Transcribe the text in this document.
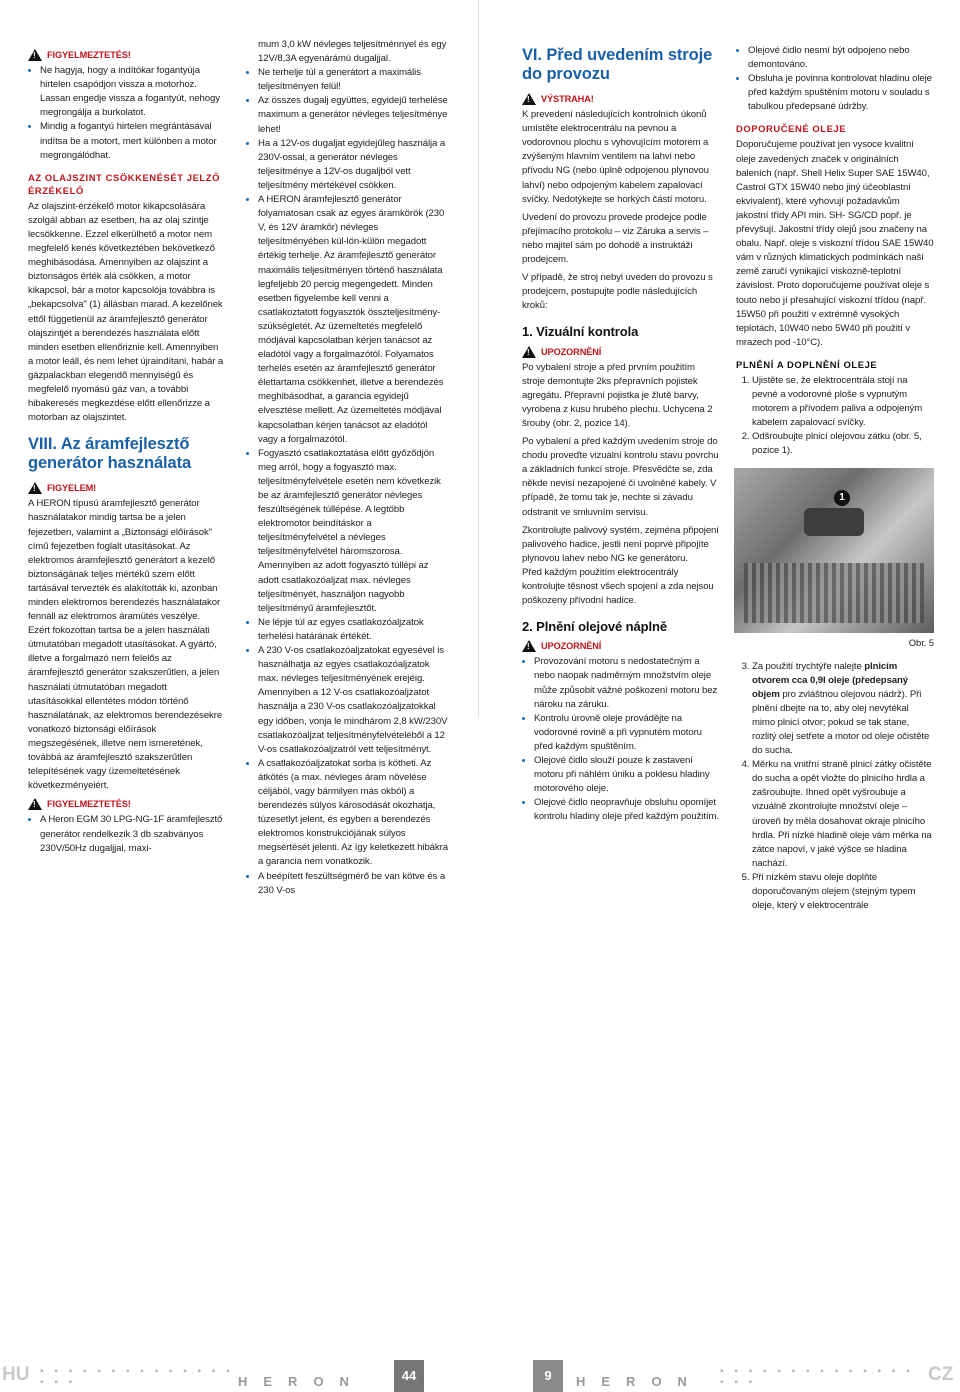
!
FIGYELMEZTETÉS!
• Ne hagyja, hogy a indítókar fogantyúja hirtelen csapódjon vissza a motorhoz. Lassan engedje vissza a fogantyút, nehogy megrongálja a burkolatot.
• Mindig a fogantyú hirtelen megrántásával indítsa be a motort, mert különben a motor megrongálódhat.
AZ OLAJSZINT CSÖKKENÉSÉT JELZŐ ÉRZÉKELŐ

Az olajszint-érzékelő motor kikapcsolására szolgál abban az esetben, ha az olaj szintje lecsökkenne. Ezzel elkerülhető a motor nem megfelelő kenés következtében bekövetkező meghibásodása. Amennyiben az olajszint a biztonságos érték alá csökken, a motor kikapcsol, bár a motor kapcsolója továbbra is „bekapcsolva" (1) állásban marad. A kezelőnek ettől függetlenül az áramfejlesztő generátor olajszintjét a berendezés használata előtt minden esetben ellenőriznie kell. Amennyiben a motor leáll, és nem lehet újraindítani, habár a gázpalackban elegendő mennyiségű és megfelelő nyomású gáz van, a további hibakeresés megkezdése előtt ellenőrizze a motorban az olajszintet.

VIII. Az áramfejlesztő generátor használata
!
FIGYELEM!

A HERON típusú áramfejlesztő generátor használatakor mindig tartsa be a jelen fejezetben, valamint a „Biztonsági előírások" című fejezetben foglalt utasításokat. Az elektromos áramfejlesztő generátort a kezelő biztonságának teljes mértékű szem előtt tartásával tervezték és alakították ki, azonban minden elektromos berendezés használatakor fennáll az elektromos áramütés veszélye. Ezért fokozottan tartsa be a jelen használati útmutatóban megadott utasításokat. A gyártó, illetve a forgalmazó nem felelős az áramfejlesztő generátor szakszerűtlen, a jelen használati útmutatóban megadott utasításokkal ellentétes módon történő használatának, az elektromos berendezésekre vonatkozó biztonsági előírások megszegésének, illetve nem ismeretének, továbbá az áramfejlesztő szakszerűtlen telepítésének vagy üzemeltetésének következményeiért.

!
FIGYELMEZTETÉS!
• A Heron EGM 30 LPG-NG-1F áramfejlesztő generátor rendelkezik 3 db szabványos 230V/50Hz dugaljjal, maxi-
mum 3,0 kW névleges teljesítménnyel és egy 12V/8,3A egyenárámú dugaljjal.
• Ne terhelje túl a generátort a maximális teljesítményen felül!
• Az összes dugalj együttes, egyidejű terhelése maximum a generátor névleges teljesítménye lehet!
• Ha a 12V-os dugaljat egyidejűleg használja a 230V-ossal, a generátor névleges teljesítménye a 12V-os dugaljból vett teljesítmény mértékével csökken.
• A HERON áramfejlesztő generátor folyamatosan csak az egyes áramkörök (230 V, és 12V áramkör) névleges teljesítményében kül-lön-külön megadott értékig terhelje. Az áramfejlesztő generátor maximális teljesítményen történő használata legfeljebb 20 percig megengedett. Minden esetben figyelembe kell venni a csatlakoztatott fogyasztók összteljesítmény-szükségletét. Az üzemeltetés megfelelő módjával kapcsolatban kérjen tanácsot az eladótól vagy a forgalmazótól. Folyamatos terhelés esetén az áramfejlesztő generátor élettartama csökkenhet, illetve a berendezés meghibásodhat, a garancia egyidejű elvesztése mellett. Az üzemeltetés módjával kapcsolatban kérjen tanácsot az eladótól vagy a forgalmazótól.
• Fogyasztó csatlakoztatása előtt győződjön meg arról, hogy a fogyasztó max. teljesítményfelvétele esetén nem következik be az áramfejlesztő generátor névleges feszültségének túllépése. A legtöbb elektromotor beindításkor a teljesítményfelvétel a névleges teljesítményfelvétel háromszorosa. Amennyiben az adott fogyasztó túllépi az adott csatlakozóaljzat max. névleges teljesítményét, használjon nagyobb teljesítményű áramfejlesztőt.
• Ne lépje túl az egyes csatlakozóaljzatok terhelési határának értékét.
• A 230 V-os csatlakozóaljzatokat egyesével is használhatja az egyes csatlakozóaljzatok max. névleges teljesítményének erejéig. Amennyiben a 12 V-os csatlakozóaljzatot használja a 230 V-os csatlakozóaljzatokkal egy időben, vonja le mindhárom 2,8 kW/230V csatlakozóaljzat teljesítményfelvételéből a 12 V-os csatlakozóaljzatról vett teljesítményt.
• A csatlakozóaljzatokat sorba is kötheti. Az átkötés (a max. névleges áram növelése céljából, vagy bármilyen más okból) a berendezés súlyos károsodását okozhatja, túzesetlyt jelent, és egyben a berendezés elektromos konstrukciójának súlyos megsértését jelenti. Az így keletkezett hibákra a garancia nem vonatkozik.
• A beépített feszültségmérő be van kötve és a 230 V-os
VI. Před uvedením stroje do provozu
!
VÝSTRAHA!

K prevedení následujících kontrolních úkonů umístěte elektrocentrálu na pevnou a vodorovnou plochu s vyhovujícím motorem a zvýšeným hlavním ventilem na lahvi nebo přívodu NG (nebo úplně odpojenou plynovou lahví) nebo odpojeným kabelem zapalovací svíčky. Nedotýkejte se horkých částí motoru.

Uvedení do provozu provede prodejce podle přejímacího protokolu – viz Záruka a servis – nebo majitel sám po dohodě a instruktáži prodejcem.

V případě, že stroj nebyl uveden do provozu s prodejcem, postupujte podle následujících kroků:

1. Vizuální kontrola
!
UPOZORNĚNÍ

Po vybalení stroje a před prvním použitím stroje demontujte 2ks přepravních pojistek agregátu. Přepravní pojistka je žlutě barvy, vyrobena z kusu hrubého plechu. Uchycena 2 šrouby (obr. 2, pozice 14).

Po vybalení a před každým uvedením stroje do chodu proveďte vizuální kontrolu stavu povrchu a základních funkcí stroje. Přesvědčte se, zda někde nevisí nezapojené či uvolněné kabely. V případě, že tomu tak je, nechte si závadu odstranit ve smluvním servisu.

Zkontrolujte palivový systém, zejména připojení palivového hadice, jestli není poprvé připojíte plynovou lahev nebo NG ke generátoru.

Před každým použitím elektrocentrály kontrolujte těsnost všech spojení a zda nejsou poškozeny přívodní hadice.

2. Plnění olejové náplně
!
UPOZORNĚNÍ
• Provozování motoru s nedostatečným a nebo naopak nadměrným množstvím oleje může způsobit vážné poškození motoru bez nároku na záruku.
• Kontrolu úrovně oleje provádějte na vodorovné rovině a při vypnutém motoru před každým spuštěním.
• Olejové čidlo slouží pouze k zastavení motoru při náhlém úniku a poklesu hladiny motorového oleje.
• Olejové čidlo neopravňuje obsluhu opomíjet kontrolu hladiny oleje před každým použitím.
• Olejové čidlo nesmí být odpojeno nebo demontováno.
• Obsluha je povinna kontrolovat hladinu oleje před každým spuštěním motoru v souladu s tabulkou předepsané údržby.
DOPORUČENÉ OLEJE

Doporučujeme používat jen vysoce kvalitní oleje zavedených značek v originálních baleních (např. Shell Helix Super SAE 15W40, Castrol GTX 15W40 nebo jiný účeoblastní ekvivalent), které vyhovují požadavkům jakostní třídy API min. SH- SG/CD popř. je převyšují. Jakostní třídy olejů jsou značeny na obalu. Např. oleje s viskozní třídou SAE 15W40 vám v různých klimatických podmínkách naší země zaručí vynikající viskozně-teplotní závislost. Proto doporučujeme používat oleje s touto nebo jí přesahující viskozní třídou (např. 15W50 při použití v extrémně vysokých teplotách, 10W40 nebo 5W40 při použití v mrazech pod -10°C).

PLNĚNÍ A DOPLNĚNÍ OLEJE
1. Ujistěte se, že elektrocentrála stojí na pevné a vodorovné ploše s vypnutým motorem a přívodem paliva a odpojeným kabelem zapalovací svíčky.
2. Odšroubujte plnicí olejovou zátku (obr. 5, pozice 1).
1
Obr. 5
3. Za použití trychtýře nalejte plnicím otvorem cca 0,9l oleje (předepsaný objem pro zvláštnou olejovou nádrž). Při plnění dbejte na to, aby olej nevytékal mimo plnicí otvor; pokud se tak stane, rozlitý olej setřete a motor od oleje očistěte do sucha.
4. Měrku na vnitřní straně plnicí zátky očistěte do sucha a opět vložte do plnicího hrdla a zašroubujte. Ihned opět vyšroubuje a vizuálně zkontrolujte množství oleje – úroveň by měla dosahovat okraje plnicího hrdla. Při nízké hladině oleje vám měrka na zátce napoví, v jaké výšce se hladina nachází.
5. Při nízkém stavu oleje doplňte doporučovaným olejem (stejným typem oleje, který v elektrocentrále
HU ▪ ▪ ▪ ▪ ▪ ▪ ▪ ▪ ▪ ▪ ▪ ▪ ▪ ▪ ▪ ▪ ▪	HERON	44	9	HERON
▪ ▪ ▪ ▪ ▪ ▪ ▪ ▪ ▪ ▪ ▪ ▪ ▪ ▪ ▪ ▪ ▪	CZ
